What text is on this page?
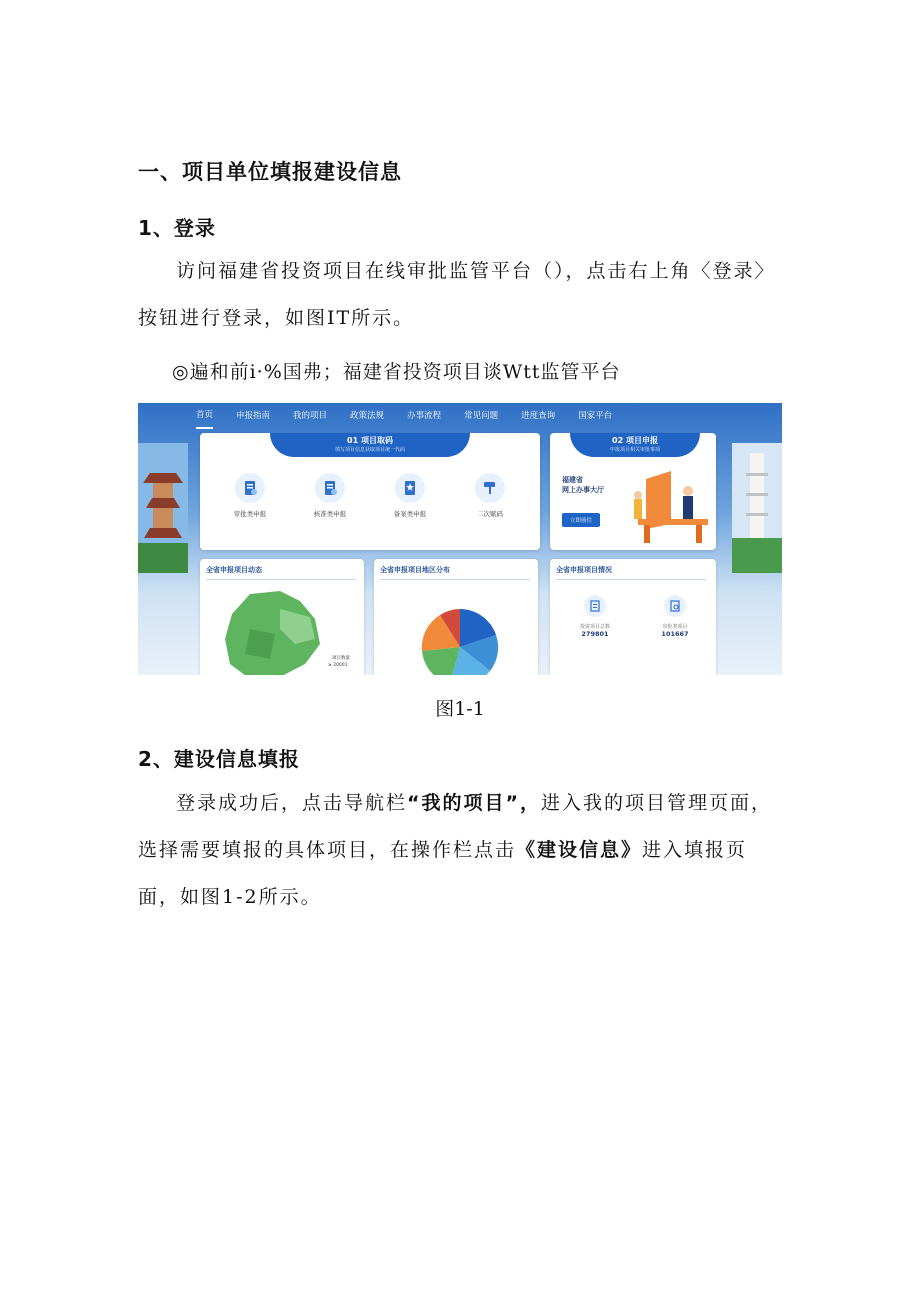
一、项目单位填报建设信息
1、登录
访问福建省投资项目在线审批监管平台（），点击右上角〈登录〉按钮进行登录，如图IT所示。
◎遍和前i·%国弗；福建省投资项目谈Wtt监管平台
首页	申报指南	我的项目	政策法规	办事流程	常见问题	进度查询	国家平台
01 项目取码
填写项目信息获取项目统一代码
审批类申报	核准类申报	备案类申报	二次赋码
02 项目申报
申报项目相关审批事项
福建省
网上办事大厅
立即前往
全省申报项目动态
项目数量
≥ 20001
全省申报项目地区分布	全省申报项目情况
投资项目总数
279801
审批类项目
101667
图1-1
2、建设信息填报
登录成功后，点击导航栏“我的项目”，进入我的项目管理页面，选择需要填报的具体项目，在操作栏点击《建设信息》进入填报页面，如图1-2所示。
